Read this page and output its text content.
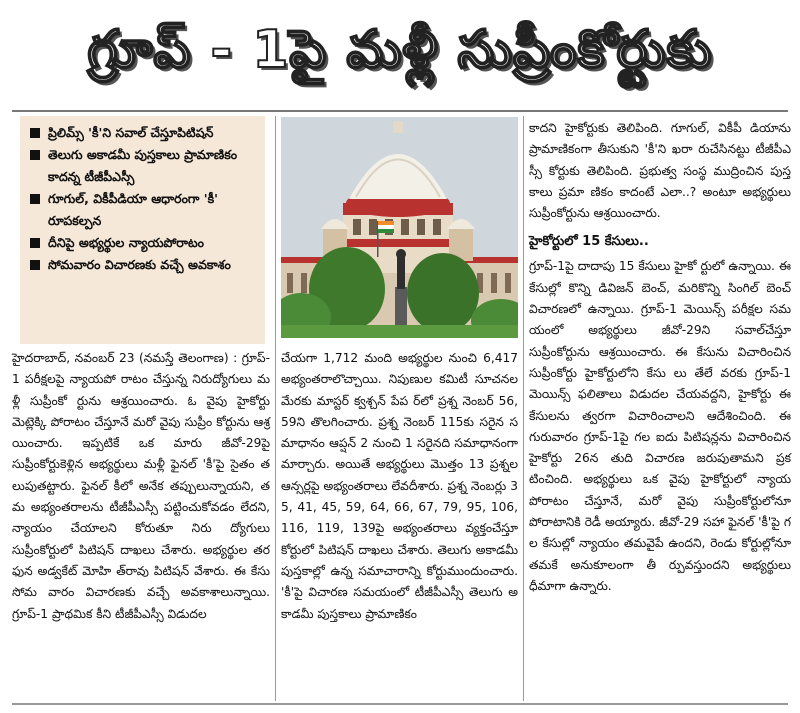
గ్రూప్ - 1పై మళ్లీ సుప్రీంకోర్టుకు
ప్రిలిమ్స్ 'కీ'ని సవాల్ చేస్తూపిటిషన్
తెలుగు అకాడమీ పుస్తకాలు ప్రామాణికం కాదన్న టీజీపీఎస్సీ
గూగుల్, వికీపీడియా ఆధారంగా 'కీ' రూపకల్పన
దీనిపై అభ్యర్థుల న్యాయపోరాటం
సోమవారం విచారణకు వచ్చే అవకాశం

హైదరాబాద్, నవంబర్ 23 (నమస్తే తెలంగాణ) : గ్రూప్-1 పరీక్షలపై న్యాయపో రాటం చేస్తున్న నిరుద్యోగులు మళ్లీ సుప్రీంకో ర్టును ఆశ్రయించారు. ఓ వైపు హైకోర్టు మెట్లెక్కి పోరాటం చేస్తూనే మరో వైపు సుప్రీం కోర్టును ఆశ్రయించారు. ఇప్పటికే ఒక మారు జీవో-29పై సుప్రీంకోర్టుకెళ్లిన అభ్యర్థులు మళ్లీ ఫైనల్ 'కీ'పై సైతం తలుపుతట్టారు. ఫైనల్ కీలో అనేక తప్పులున్నాయని, తమ అభ్యంతరాలను టీజీపీఎస్సీ పట్టించుకోవడం లేదని, న్యాయం చేయాలని కోరుతూ నిరు ద్యోగులు సుప్రీంకోర్టులో పిటిషన్ దాఖలు చేశారు. అభ్యర్థుల తరఫున అడ్వకేట్ మోహి త్‌రావు పిటిషన్ వేశారు. ఈ కేసు సోమ వారం విచారణకు వచ్చే అవకాశాలున్నాయి. గ్రూప్-1 ప్రాథమిక కీని టీజీపీఎస్సీ విడుదల

చేయగా 1,712 మంది అభ్యర్థుల నుంచి 6,417 అభ్యంతరాలొచ్చాయి. నిపుణుల కమిటీ సూచనల మేరకు మాస్టర్ క్వశ్చన్ పేప ర్‌లో ప్రశ్న నెంబర్ 56, 59ని తొలగించారు. ప్రశ్న నెంబర్ 115కు సరైన సమాధానం ఆప్షన్ 2 నుంచి 1 సరైనది సమాధానంగా మార్చారు. అయితే అభ్యర్థులు మొత్తం 13 ప్రశ్నల ఆన్సర్లపై అభ్యంతరాలు లేవదీశారు. ప్రశ్న నెంబర్లు 35, 41, 45, 59, 64, 66, 67, 79, 95, 106, 116, 119, 139పై అభ్యంతరాలు వ్యక్తంచేస్తూ కోర్టులో పిటిషన్ దాఖలు చేశారు. తెలుగు అకాడమీ పుస్తకాల్లో ఉన్న సమాచారాన్ని కోర్టుముందుంచారు. 'కీ'పై విచారణ సమయంలో టీజీపీఎస్సీ తెలుగు అకాడమీ పుస్తకాలు ప్రామాణికం

కాదని హైకోర్టుకు తెలిపింది. గూగుల్, వికీపీ డియాను ప్రామాణికంగా తీసుకుని 'కీ'ని ఖరా రుచేసినట్టు టీజీపీఎస్సీ కోర్టుకు తెలిపింది. ప్రభుత్వ సంస్థ ముద్రించిన పుస్తకాలు ప్రమా ణికం కాదంటే ఎలా..? అంటూ అభ్యర్థులు సుప్రీంకోర్టును ఆశ్రయించారు.

హైకోర్టులో 15 కేసులు..

గ్రూప్-1పై దాదాపు 15 కేసులు హైకో ర్టులో ఉన్నాయి. ఈ కేసుల్లో కొన్ని డివిజన్ బెంచ్, మరికొన్ని సింగిల్ బెంచ్ విచారణలో ఉన్నాయి. గ్రూప్-1 మెయిన్స్ పరీక్షల సమ యంలో అభ్యర్థులు జీవో-29ని సవాల్‌చేస్తూ సుప్రీంకోర్టును ఆశ్రయించారు. ఈ కేసును విచారించిన సుప్రీంకోర్టు హైకోర్టులోని కేసు లు తేలే వరకు గ్రూప్-1 మెయిన్స్ ఫలితాలు విడుదల చేయవద్దని, హైకోర్టు ఈ కేసులను త్వరగా విచారించాలని ఆదేశించింది. ఈ గురువారం గ్రూప్-1పై గల ఐదు పిటిషన్లను విచారించిన హైకోర్టు 26న తుది విచారణ జరుపుతామని ప్రకటించింది. అభ్యర్థులు ఒక వైపు హైకోర్టులో న్యాయపోరాటం చేస్తూనే, మరో వైపు సుప్రీంకోర్టులోనూ పోరాటానికి రెడీ అయ్యారు. జీవో-29 సహా ఫైనల్ 'కీ'పై గల కేసుల్లో న్యాయం తమవైపే ఉందని, రెండు కోర్టుల్లోనూ తమకే అనుకూలంగా తీ ర్పువస్తుందని అభ్యర్థులు ధీమాగా ఉన్నారు.
